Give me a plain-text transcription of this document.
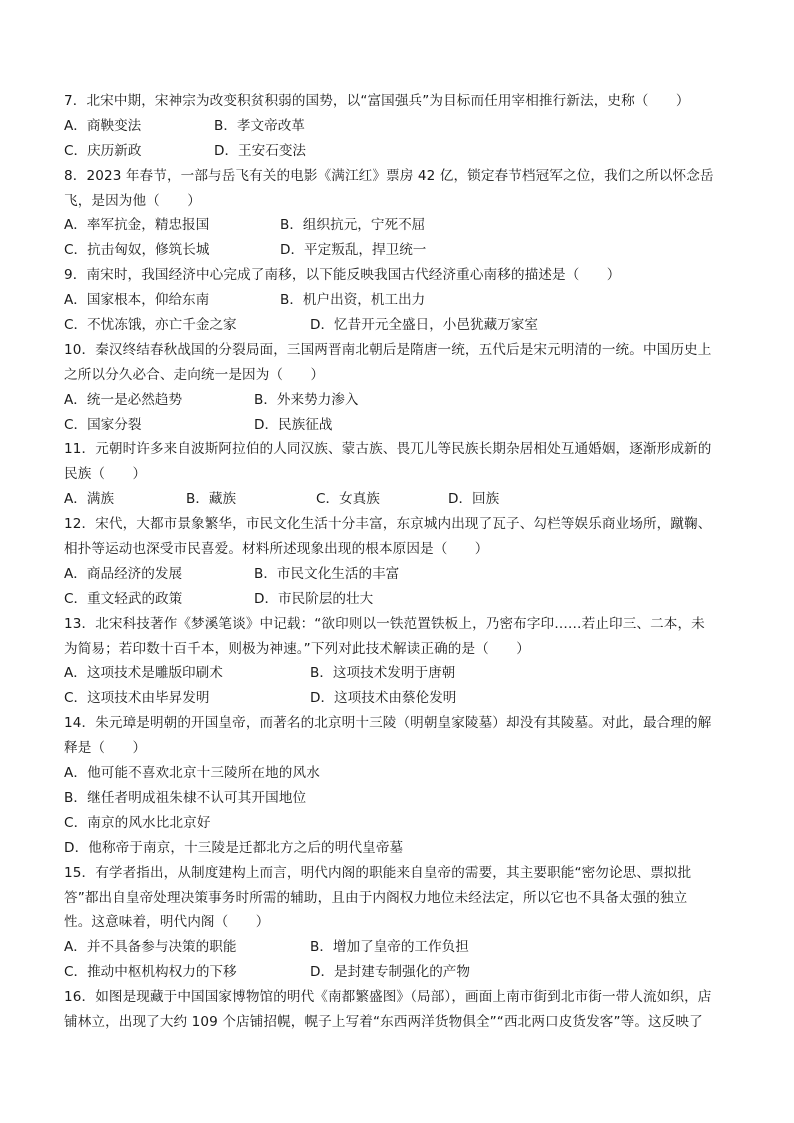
7．北宋中期，宋神宗为改变积贫积弱的国势，以“富国强兵”为目标而任用宰相推行新法，史称（　　）
A．商鞅变法	B．孝文帝改革
C．庆历新政	D．王安石变法
8．2023 年春节，一部与岳飞有关的电影《满江红》票房 42 亿，锁定春节档冠军之位，我们之所以怀念岳
飞，是因为他（　　）
A．率军抗金，精忠报国	B．组织抗元，宁死不屈
C．抗击匈奴，修筑长城	D．平定叛乱，捍卫统一
9．南宋时，我国经济中心完成了南移，以下能反映我国古代经济重心南移的描述是（　　）
A．国家根本，仰给东南	B．机户出资，机工出力
C．不忧冻饿，亦亡千金之家	D．忆昔开元全盛日，小邑犹藏万家室
10．秦汉终结春秋战国的分裂局面，三国两晋南北朝后是隋唐一统，五代后是宋元明清的一统。中国历史上
之所以分久必合、走向统一是因为（　　）
A．统一是必然趋势	B．外来势力渗入
C．国家分裂	D．民族征战
11．元朝时许多来自波斯阿拉伯的人同汉族、蒙古族、畏兀儿等民族长期杂居相处互通婚姻，逐渐形成新的
民族（　　）
A．满族	B．藏族	C．女真族	D．回族
12．宋代，大都市景象繁华，市民文化生活十分丰富，东京城内出现了瓦子、勾栏等娱乐商业场所，蹴鞠、
相扑等运动也深受市民喜爱。材料所述现象出现的根本原因是（　　）
A．商品经济的发展	B．市民文化生活的丰富
C．重文轻武的政策	D．市民阶层的壮大
13．北宋科技著作《梦溪笔谈》中记载：“欲印则以一铁范置铁板上，乃密布字印……若止印三、二本，未
为简易；若印数十百千本，则极为神速。”下列对此技术解读正确的是（　　）
A．这项技术是雕版印刷术	B．这项技术发明于唐朝
C．这项技术由毕昇发明	D．这项技术由蔡伦发明
14．朱元璋是明朝的开国皇帝，而著名的北京明十三陵（明朝皇家陵墓）却没有其陵墓。对此，最合理的解
释是（　　）
A．他可能不喜欢北京十三陵所在地的风水
B．继任者明成祖朱棣不认可其开国地位
C．南京的风水比北京好
D．他称帝于南京，十三陵是迁都北方之后的明代皇帝墓
15．有学者指出，从制度建构上而言，明代内阁的职能来自皇帝的需要，其主要职能“密勿论思、票拟批
答”都出自皇帝处理决策事务时所需的辅助，且由于内阁权力地位未经法定，所以它也不具备太强的独立
性。这意味着，明代内阁（　　）
A．并不具备参与决策的职能	B．增加了皇帝的工作负担
C．推动中枢机构权力的下移	D．是封建专制强化的产物
16．如图是现藏于中国国家博物馆的明代《南都繁盛图》（局部），画面上南市街到北市街一带人流如织，店
铺林立，出现了大约 109 个店铺招幌，幌子上写着“东西两洋货物俱全”“西北两口皮货发客”等。这反映了
